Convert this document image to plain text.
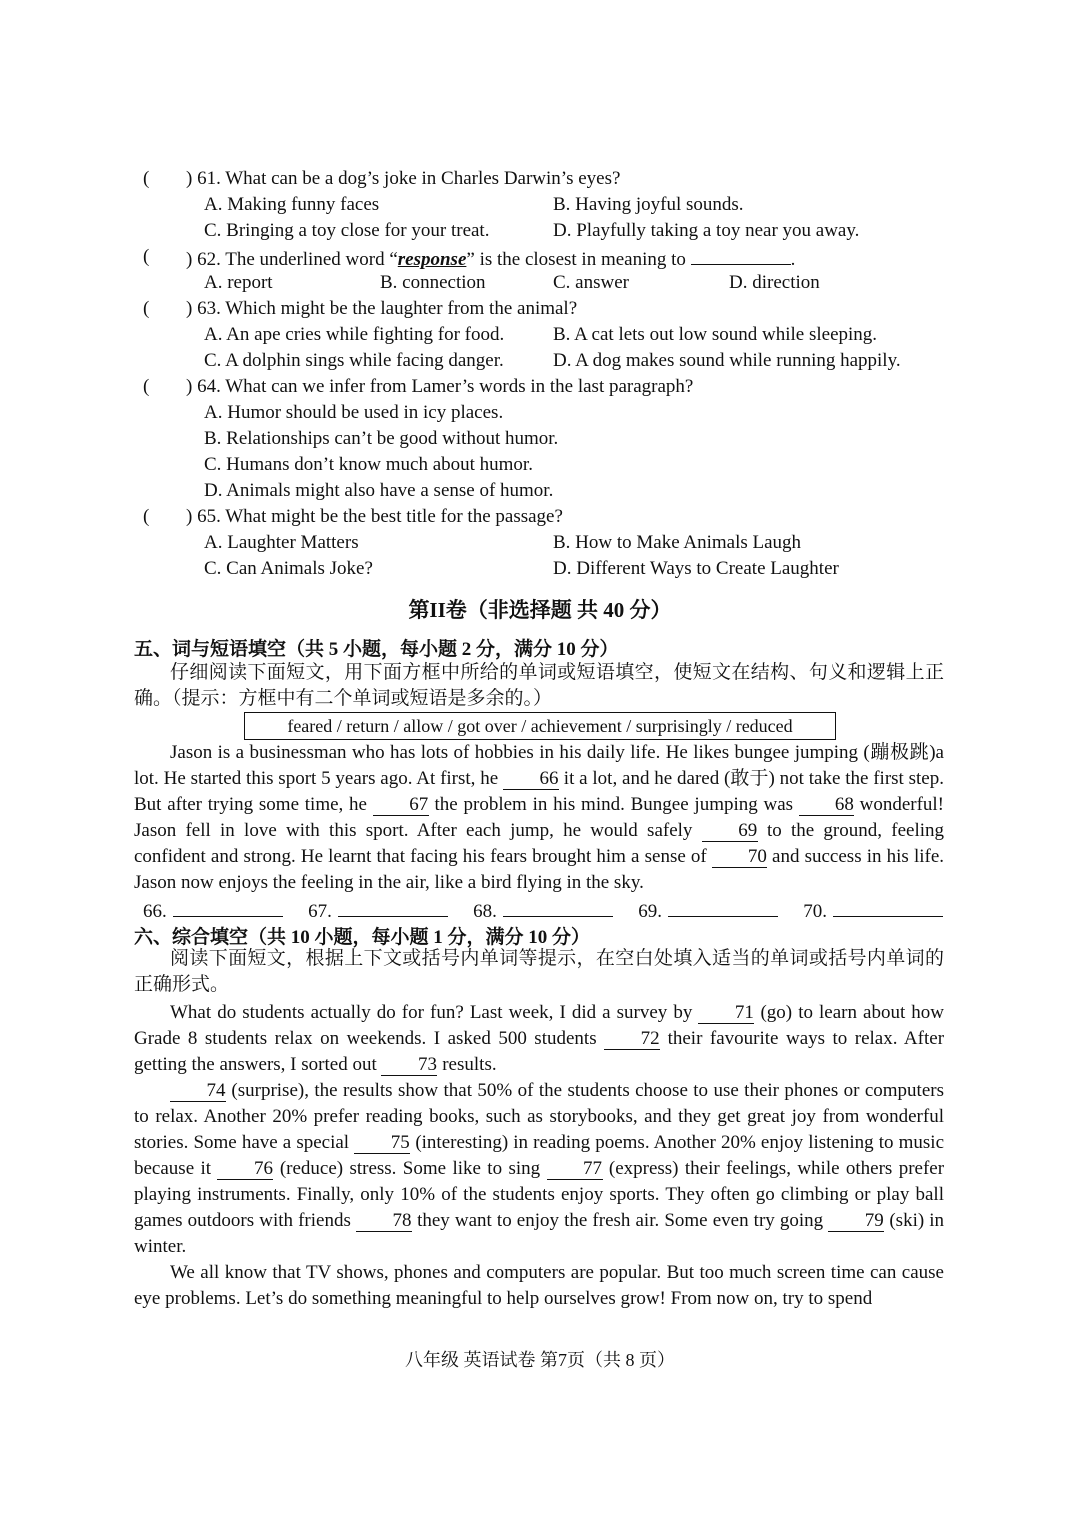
( ) 61. What can be a dog’s joke in Charles Darwin’s eyes?
A. Making funny faces	B. Having joyful sounds.
C. Bringing a toy close for your treat.	D. Playfully taking a toy near you away.
( ) 62. The underlined word “response” is the closest in meaning to	.
A. report	B. connection	C. answer	D. direction
( ) 63. Which might be the laughter from the animal?
A. An ape cries while fighting for food.	B. A cat lets out low sound while sleeping.
C. A dolphin sings while facing danger.	D. A dog makes sound while running happily.
( ) 64. What can we infer from Lamer’s words in the last paragraph?
A. Humor should be used in icy places.
B. Relationships can’t be good without humor.
C. Humans don’t know much about humor.
D. Animals might also have a sense of humor.
( ) 65. What might be the best title for the passage?
A. Laughter Matters	B. How to Make Animals Laugh
C. Can Animals Joke?	D. Different Ways to Create Laughter
第II卷（非选择题 共 40 分）
五、词与短语填空（共 5 小题，每小题 2 分，满分 10 分）
仔细阅读下面短文，用下面方框中所给的单词或短语填空，使短文在结构、句义和逻辑上正确。（提示：方框中有二个单词或短语是多余的。）
feared / return / allow / got over / achievement / surprisingly / reduced
Jason is a businessman who has lots of hobbies in his daily life. He likes bungee jumping (蹦极跳)a lot. He started this sport 5 years ago. At first, he 66 it a lot, and he dared (敢于) not take the first step. But after trying some time, he 67 the problem in his mind. Bungee jumping was 68 wonderful! Jason fell in love with this sport. After each jump, he would safely 69 to the ground, feeling confident and strong. He learnt that facing his fears brought him a sense of 70 and success in his life. Jason now enjoys the feeling in the air, like a bird flying in the sky.
66.	67.	68.	69.	70.
六、综合填空（共 10 小题，每小题 1 分，满分 10 分）
阅读下面短文，根据上下文或括号内单词等提示，在空白处填入适当的单词或括号内单词的正确形式。
What do students actually do for fun? Last week, I did a survey by 71 (go) to learn about how Grade 8 students relax on weekends. I asked 500 students 72 their favourite ways to relax. After getting the answers, I sorted out 73 results.
74 (surprise), the results show that 50% of the students choose to use their phones or computers to relax. Another 20% prefer reading books, such as storybooks, and they get great joy from wonderful stories. Some have a special 75 (interesting) in reading poems. Another 20% enjoy listening to music because it 76 (reduce) stress. Some like to sing 77 (express) their feelings, while others prefer playing instruments. Finally, only 10% of the students enjoy sports. They often go climbing or play ball games outdoors with friends 78 they want to enjoy the fresh air. Some even try going 79 (ski) in winter.
We all know that TV shows, phones and computers are popular. But too much screen time can cause eye problems. Let’s do something meaningful to help ourselves grow! From now on, try to spend
八年级 英语试卷 第7页（共 8 页）
